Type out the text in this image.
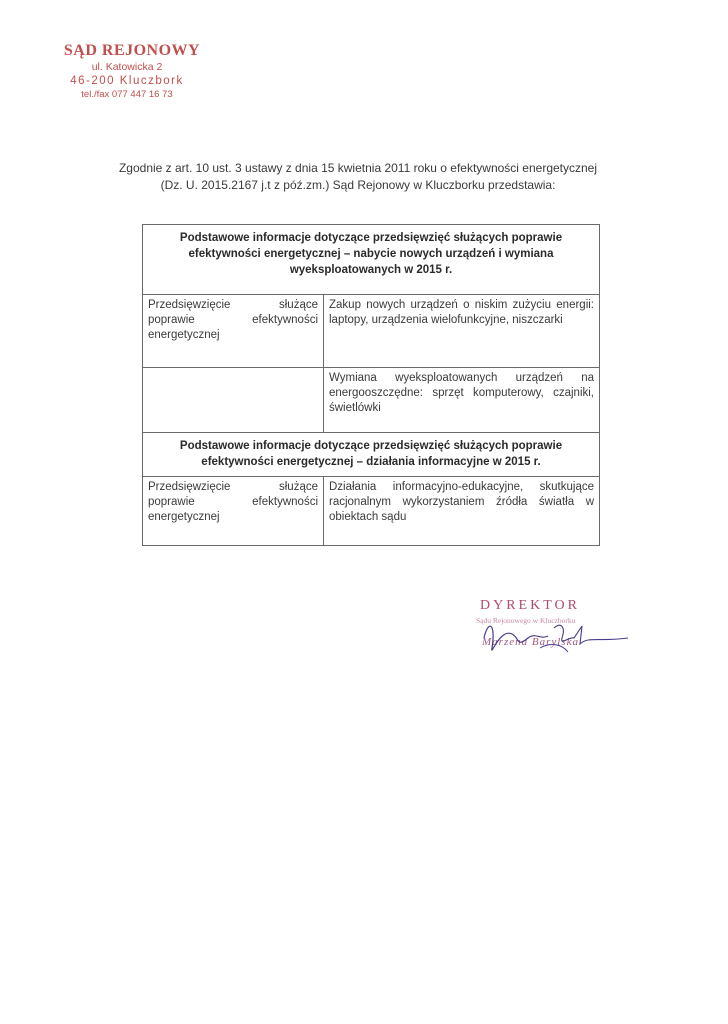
SĄD REJONOWY
ul. Katowicka 2
46-200 Kluczbork
tel./fax 077 447 16 73
Zgodnie z art. 10 ust. 3 ustawy z dnia 15 kwietnia 2011 roku o efektywności energetycznej (Dz. U. 2015.2167 j.t z póź.zm.) Sąd Rejonowy w Kluczborku przedstawia:
Podstawowe informacje dotyczące przedsięwzięć służących poprawie efektywności energetycznej – nabycie nowych urządzeń i wymiana wyeksploatowanych w 2015 r.	
Przedsięwzięcie służące poprawie efektywności energetycznej	Zakup nowych urządzeń o niskim zużyciu energii: laptopy, urządzenia wielofunkcyjne, niszczarki
	Wymiana wyeksploatowanych urządzeń na energooszczędne: sprzęt komputerowy, czajniki, świetlówki
Podstawowe informacje dotyczące przedsięwzięć służących poprawie efektywności energetycznej – działania informacyjne w 2015 r.	
Przedsięwzięcie służące poprawie efektywności energetycznej	Działania informacyjno-edukacyjne, skutkujące racjonalnym wykorzystaniem źródła światła w obiektach sądu
DYREKTOR
Sądu Rejonowego w Kluczborku
Marzena Barylska
